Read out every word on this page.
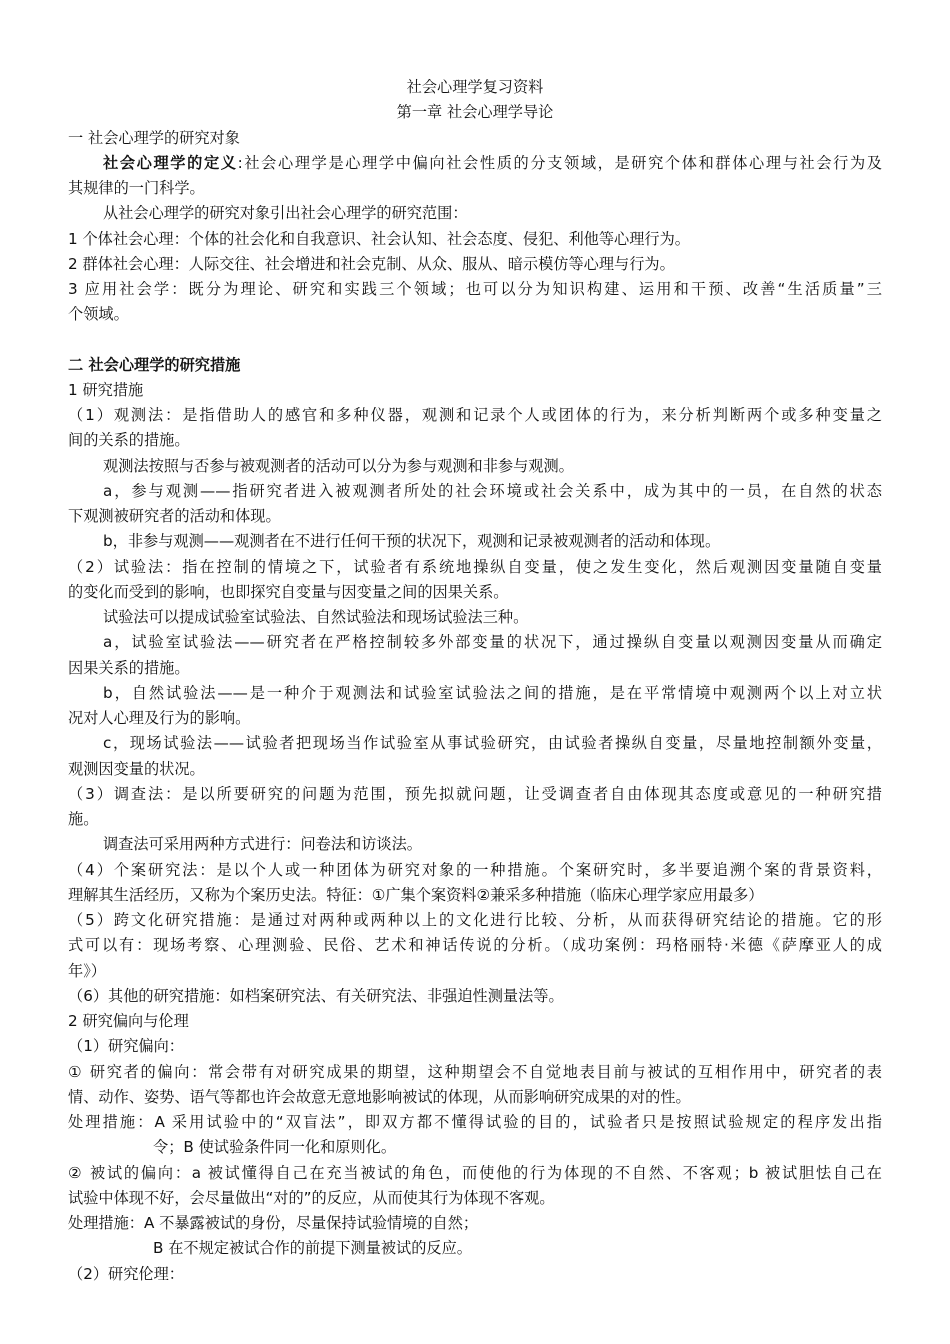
社会心理学复习资料
第一章 社会心理学导论
一 社会心理学的研究对象
社会心理学的定义:社会心理学是心理学中偏向社会性质的分支领域，是研究个体和群体心理与社会行为及
其规律的一门科学。
从社会心理学的研究对象引出社会心理学的研究范围：
1 个体社会心理：个体的社会化和自我意识、社会认知、社会态度、侵犯、利他等心理行为。
2 群体社会心理：人际交往、社会增进和社会克制、从众、服从、暗示模仿等心理与行为。
3 应用社会学：既分为理论、研究和实践三个领域；也可以分为知识构建、运用和干预、改善“生活质量”三
个领域。
二 社会心理学的研究措施
1 研究措施
（1）观测法：是指借助人的感官和多种仪器，观测和记录个人或团体的行为，来分析判断两个或多种变量之
间的关系的措施。
观测法按照与否参与被观测者的活动可以分为参与观测和非参与观测。
a，参与观测——指研究者进入被观测者所处的社会环境或社会关系中，成为其中的一员，在自然的状态
下观测被研究者的活动和体现。
b，非参与观测——观测者在不进行任何干预的状况下，观测和记录被观测者的活动和体现。
（2）试验法：指在控制的情境之下，试验者有系统地操纵自变量，使之发生变化，然后观测因变量随自变量
的变化而受到的影响，也即探究自变量与因变量之间的因果关系。
试验法可以提成试验室试验法、自然试验法和现场试验法三种。
a，试验室试验法——研究者在严格控制较多外部变量的状况下，通过操纵自变量以观测因变量从而确定
因果关系的措施。
b，自然试验法——是一种介于观测法和试验室试验法之间的措施，是在平常情境中观测两个以上对立状
况对人心理及行为的影响。
c，现场试验法——试验者把现场当作试验室从事试验研究，由试验者操纵自变量，尽量地控制额外变量，
观测因变量的状况。
（3）调查法：是以所要研究的问题为范围，预先拟就问题，让受调查者自由体现其态度或意见的一种研究措
施。
调查法可采用两种方式进行：问卷法和访谈法。
（4）个案研究法：是以个人或一种团体为研究对象的一种措施。个案研究时，多半要追溯个案的背景资料，
理解其生活经历，又称为个案历史法。特征：①广集个案资料②兼采多种措施（临床心理学家应用最多）
（5）跨文化研究措施：是通过对两种或两种以上的文化进行比较、分析，从而获得研究结论的措施。它的形
式可以有：现场考察、心理测验、民俗、艺术和神话传说的分析。（成功案例：玛格丽特·米德《萨摩亚人的成
年》）
（6）其他的研究措施：如档案研究法、有关研究法、非强迫性测量法等。
2 研究偏向与伦理
（1）研究偏向：
① 研究者的偏向：常会带有对研究成果的期望，这种期望会不自觉地表目前与被试的互相作用中，研究者的表
情、动作、姿势、语气等都也许会故意无意地影响被试的体现，从而影响研究成果的对的性。
处理措施：A 采用试验中的“双盲法”，即双方都不懂得试验的目的，试验者只是按照试验规定的程序发出指
令；B 使试验条件同一化和原则化。
② 被试的偏向：a 被试懂得自己在充当被试的角色，而使他的行为体现的不自然、不客观；b 被试胆怯自己在
试验中体现不好，会尽量做出“对的”的反应，从而使其行为体现不客观。
处理措施：A 不暴露被试的身份，尽量保持试验情境的自然；
B 在不规定被试合作的前提下测量被试的反应。
（2）研究伦理：
